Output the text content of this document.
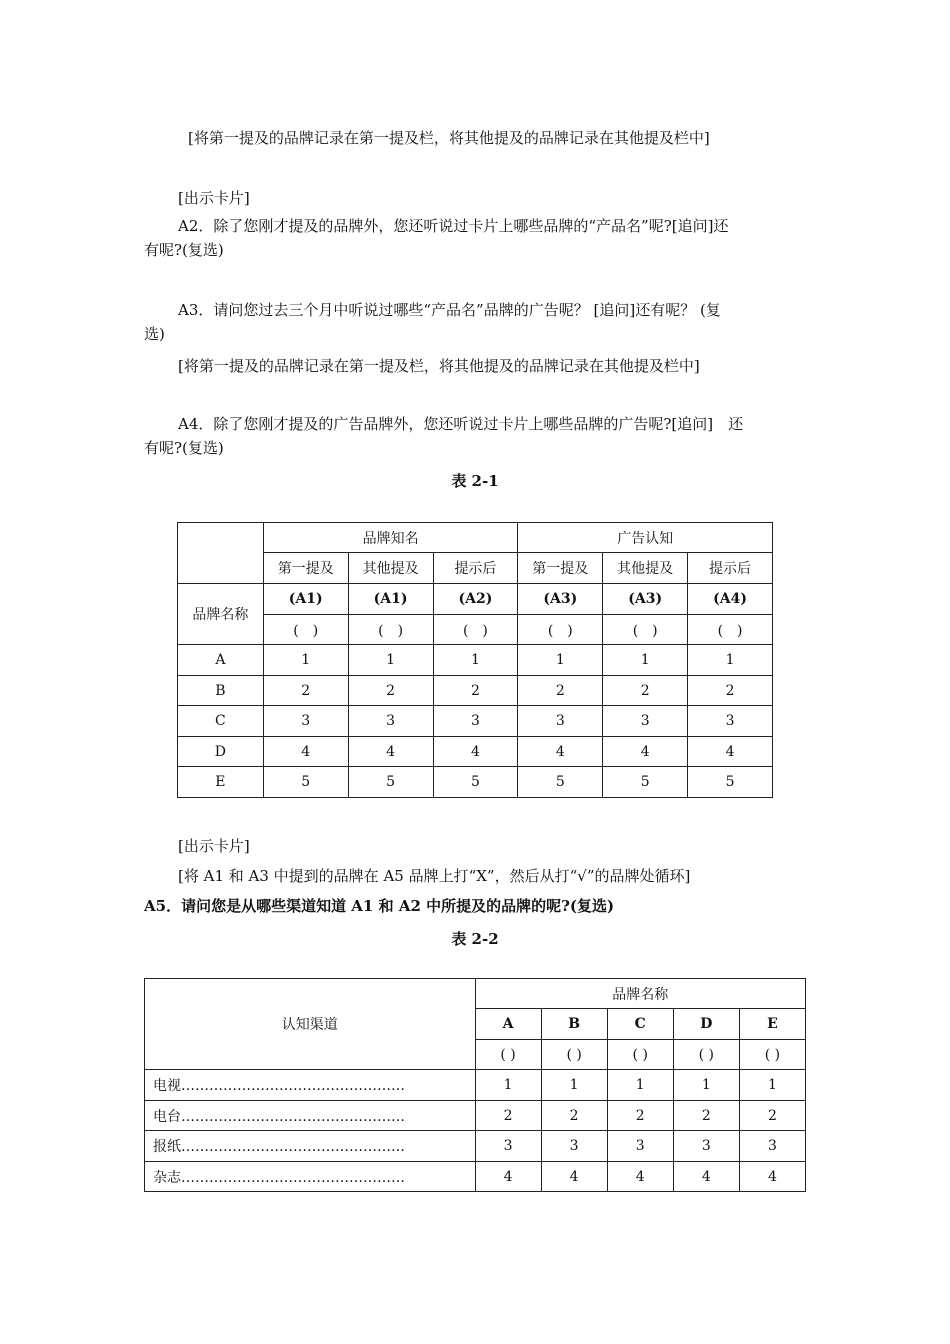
[将第一提及的品牌记录在第一提及栏，将其他提及的品牌记录在其他提及栏中]
[出示卡片]
A2．除了您刚才提及的品牌外，您还听说过卡片上哪些品牌的“产品名”呢?[追问]还
有呢?(复选)
A3．请问您过去三个月中听说过哪些“产品名”品牌的广告呢？ [追问]还有呢？ (复
选)
[将第一提及的品牌记录在第一提及栏，将其他提及的品牌记录在其他提及栏中]
A4．除了您刚才提及的广告品牌外，您还听说过卡片上哪些品牌的广告呢?[追问]　还
有呢?(复选)
表 2-1
	品牌知名			广告认知		
	第一提及	其他提及	提示后	第一提及	其他提及	提示后
品牌名称	(A1)	(A1)	(A2)	(A3)	(A3)	(A4)
	(　)	(　)	(　)	(　)	(　)	(　)
A	1	1	1	1	1	1
B	2	2	2	2	2	2
C	3	3	3	3	3	3
D	4	4	4	4	4	4
E	5	5	5	5	5	5
[出示卡片]
[将 A1 和 A3 中提到的品牌在 A5 品牌上打“X”，然后从打“√”的品牌处循环]
A5．请问您是从哪些渠道知道 A1 和 A2 中所提及的品牌的呢?(复选)
表 2-2
认知渠道	品牌名称				
	A	B	C	D	E
	( )	( )	( )	( )	( )
电视…………………………………………	1	1	1	1	1
电台…………………………………………	2	2	2	2	2
报纸…………………………………………	3	3	3	3	3
杂志…………………………………………	4	4	4	4	4
